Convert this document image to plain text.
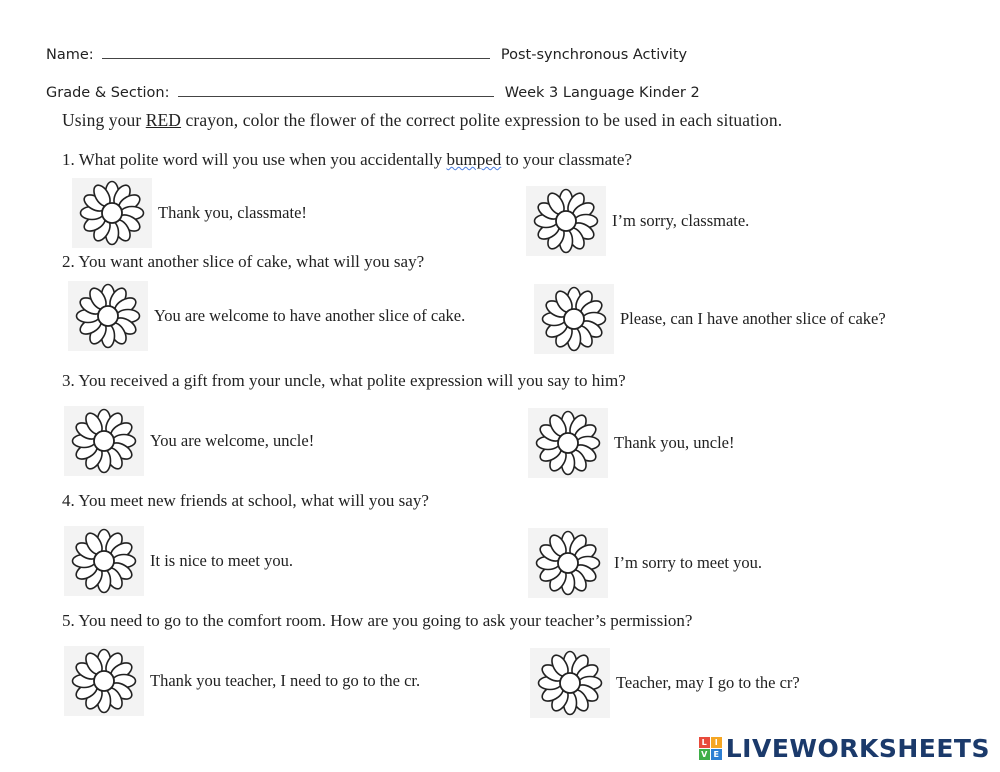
Name:	Post-synchronous Activity
Grade & Section:	Week 3 Language Kinder 2
Using your RED crayon, color the flower of the correct polite expression to be used in each situation.
1. What polite word will you use when you accidentally bumped to your classmate?
Thank you, classmate!	I’m sorry, classmate.
2. You want another slice of cake, what will you say?
You are welcome to have another slice of cake.	Please, can I have another slice of cake?
3. You received a gift from your uncle, what polite expression will you say to him?
You are welcome, uncle!	Thank you, uncle!
4. You meet new friends at school, what will you say?
It is nice to meet you.	I’m sorry to meet you.
5. You need to go to the comfort room. How are you going to ask your teacher’s permission?
Thank you teacher, I need to go to the cr.	Teacher, may I go to the cr?
L I
V E LIVEWORKSHEETS
